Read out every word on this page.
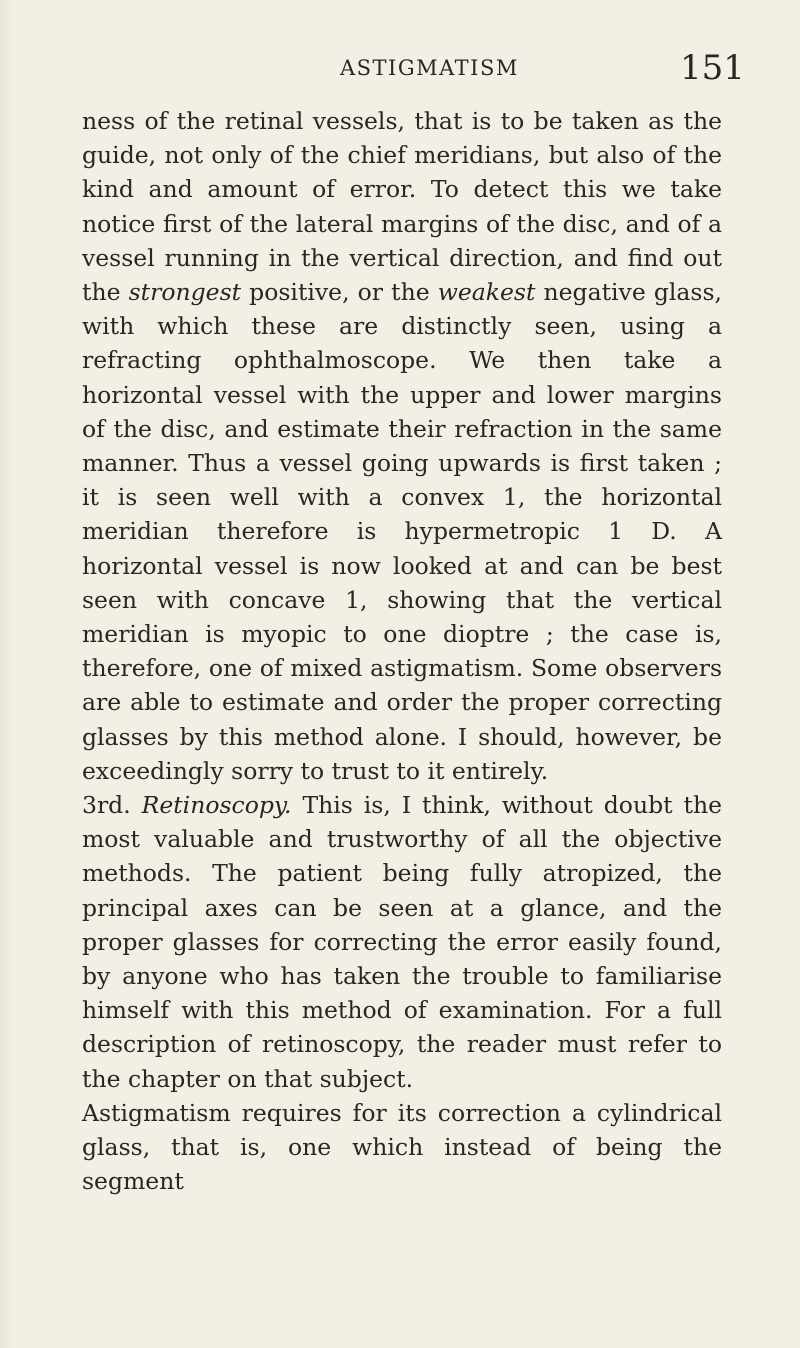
ASTIGMATISM	151

ness of the retinal vessels, that is to be taken as the guide, not only of the chief meridians, but also of the kind and amount of error. To detect this we take notice first of the lateral margins of the disc, and of a vessel running in the vertical direction, and find out the strongest positive, or the weakest negative glass, with which these are distinctly seen, using a refracting ophthalmoscope. We then take a horizontal vessel with the upper and lower margins of the disc, and estimate their refraction in the same manner. Thus a vessel going upwards is first taken ; it is seen well with a convex 1, the horizontal meridian therefore is hypermetropic 1 D. A horizontal vessel is now looked at and can be best seen with concave 1, showing that the vertical meridian is myopic to one dioptre ; the case is, therefore, one of mixed astigmatism. Some observers are able to estimate and order the proper correcting glasses by this method alone. I should, however, be exceedingly sorry to trust to it entirely.

3rd. Retinoscopy. This is, I think, without doubt the most valuable and trustworthy of all the objective methods. The patient being fully atropized, the principal axes can be seen at a glance, and the proper glasses for correcting the error easily found, by anyone who has taken the trouble to familiarise himself with this method of examination. For a full description of retinoscopy, the reader must refer to the chapter on that subject.

Astigmatism requires for its correction a cylindrical glass, that is, one which instead of being the segment
